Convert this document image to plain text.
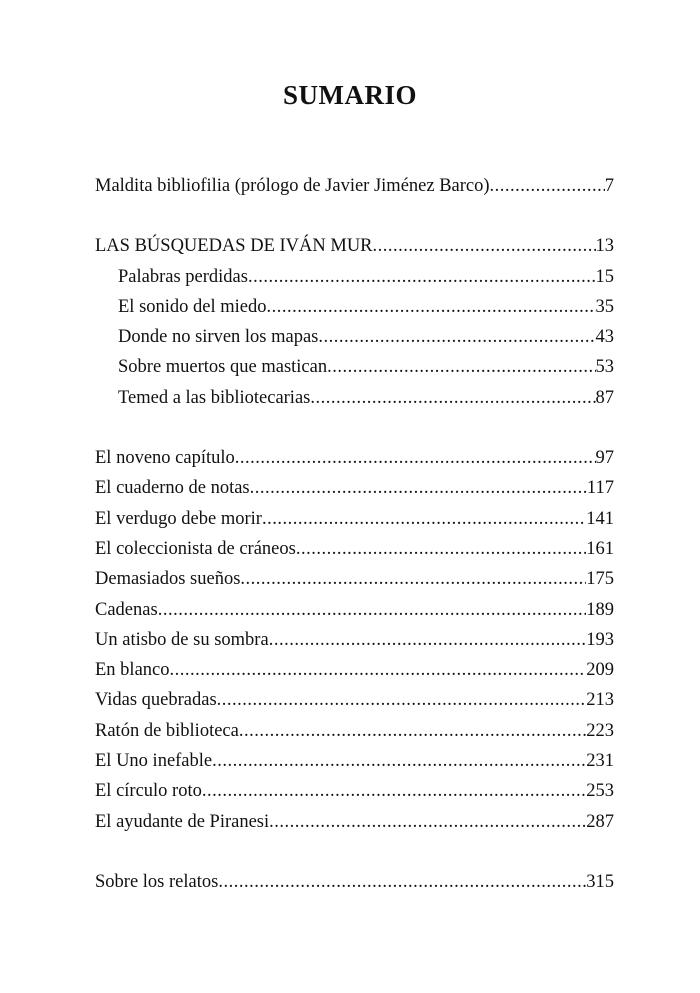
SUMARIO
Maldita bibliofilia (prólogo de Javier Jiménez Barco) .....	7
LAS BÚSQUEDAS DE IVÁN MUR .....	13
Palabras perdidas .....	15
El sonido del miedo .....	35
Donde no sirven los mapas .....	43
Sobre muertos que mastican .....	53
Temed a las bibliotecarias .....	87
El noveno capítulo .....	97
El cuaderno de notas .....	117
El verdugo debe morir .....	141
El coleccionista de cráneos .....	161
Demasiados sueños .....	175
Cadenas .....	189
Un atisbo de su sombra .....	193
En blanco .....	209
Vidas quebradas .....	213
Ratón de biblioteca .....	223
El Uno inefable .....	231
El círculo roto .....	253
El ayudante de Piranesi .....	287
Sobre los relatos .....	315
